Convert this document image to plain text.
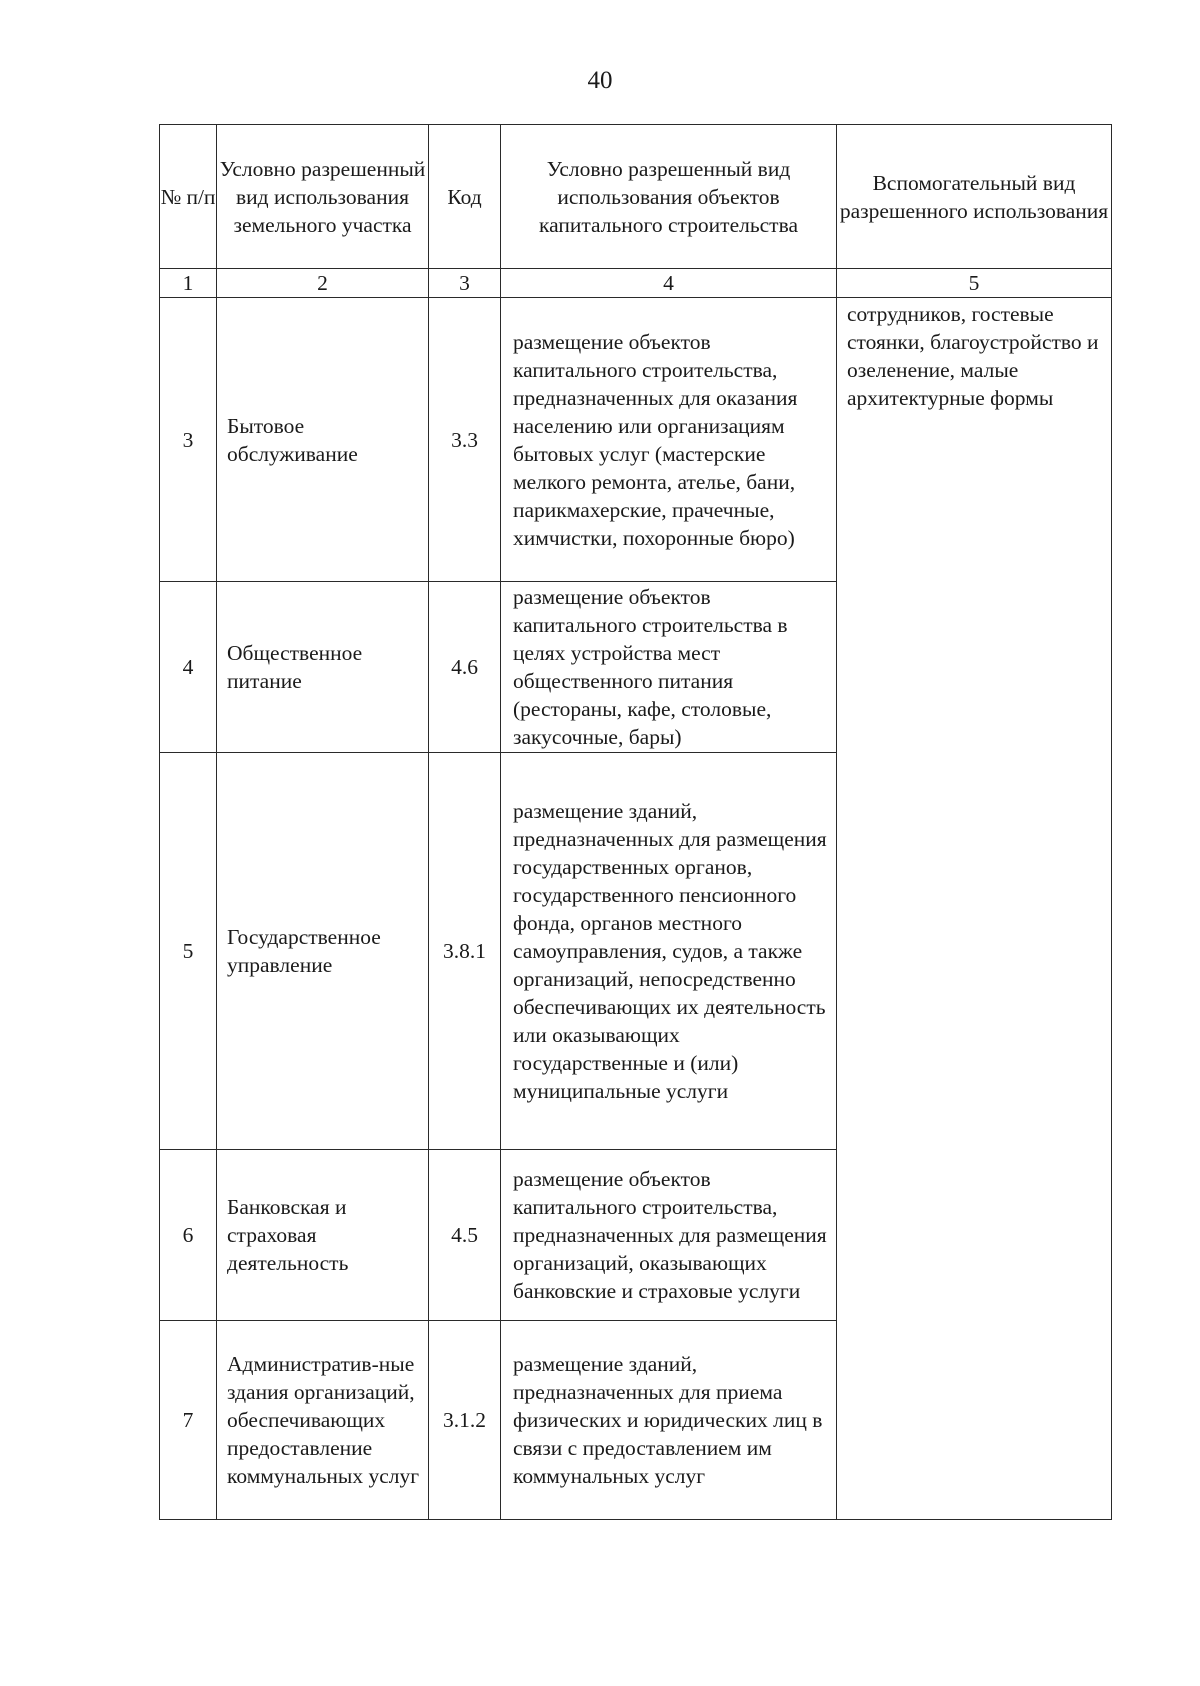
40
№ п/п	Условно разрешенный вид использования земельного участка	Код	Условно разрешенный вид использования объектов капитального строительства	Вспомогательный вид разрешенного использования
1	2	3	4	5
3	Бытовое обслуживание	3.3	размещение объектов капитального строительства, предназначенных для оказания населению или организациям бытовых услуг (мастерские мелкого ремонта, ателье, бани, парикмахерские, прачечные, химчистки, похоронные бюро)	сотрудников, гостевые стоянки, благоустройство и озеленение, малые архитектурные формы
4	Общественное питание	4.6	размещение объектов капитального строительства в целях устройства мест общественного питания (рестораны, кафе, столовые, закусочные, бары)	
5	Государственное управление	3.8.1	размещение зданий, предназначенных для размещения государственных органов, государственного пенсионного фонда, органов местного самоуправления, судов, а также организаций, непосредственно обеспечивающих их деятельность или оказывающих государственные и (или) муниципальные услуги	
6	Банковская и страховая деятельность	4.5	размещение объектов капитального строительства, предназначенных для размещения организаций, оказывающих банковские и страховые услуги	
7	Административ-ные здания организаций, обеспечивающих предоставление коммунальных услуг	3.1.2	размещение зданий, предназначенных для приема физических и юридических лиц в связи с предоставлением им коммунальных услуг	
